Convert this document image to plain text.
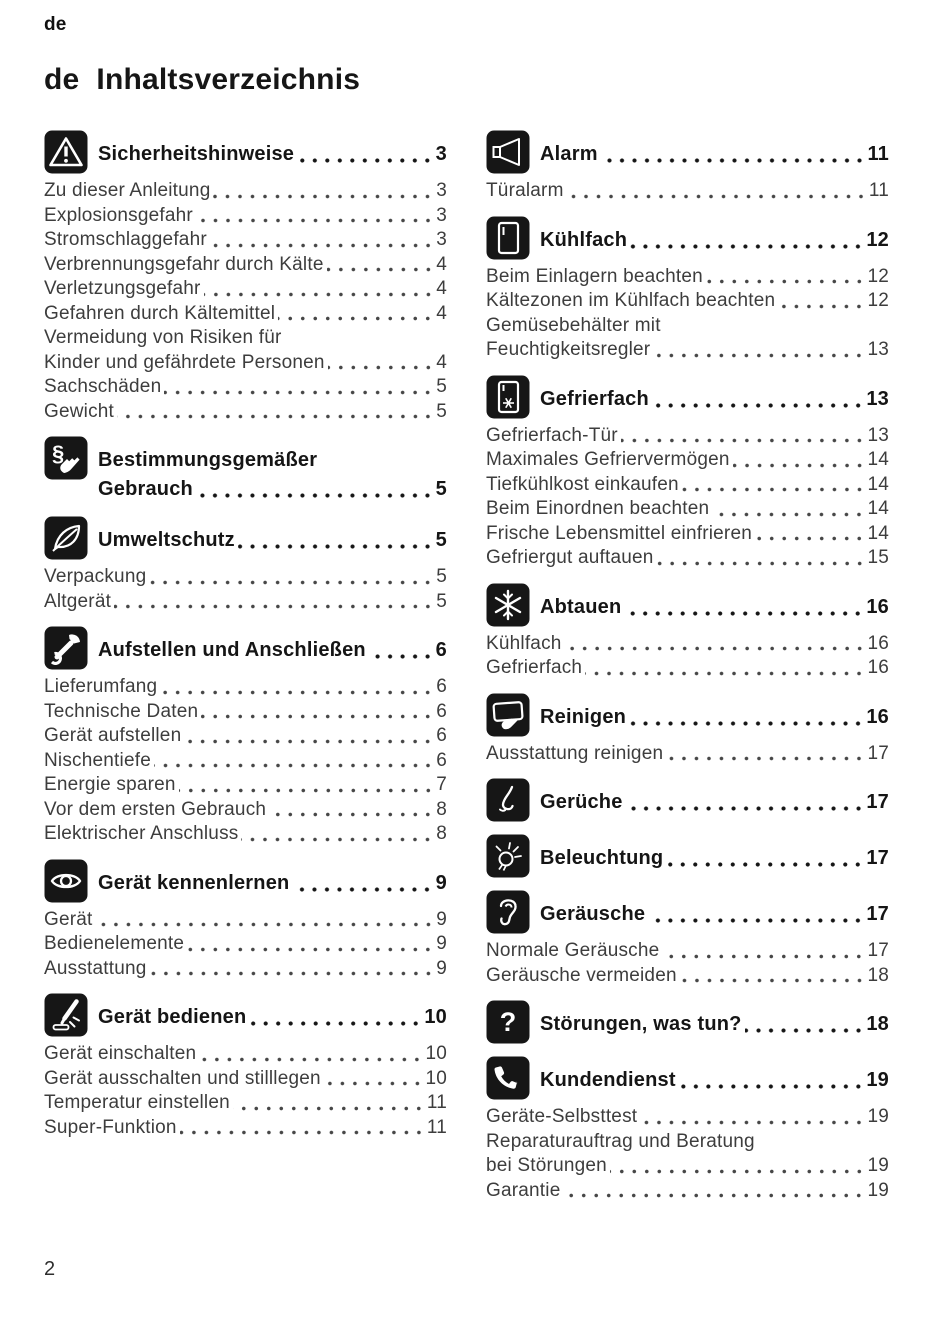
de
de Inhaltsverzeichnis
Sicherheitshinweise	3
Zu dieser Anleitung	3
Explosionsgefahr	3
Stromschlaggefahr	3
Verbrennungsgefahr durch Kälte	4
Verletzungsgefahr	4
Gefahren durch Kältemittel	4
Vermeidung von Risiken für
Kinder und gefährdete Personen	4
Sachschäden	5
Gewicht	5
§ Bestimmungsgemäßer
Gebrauch	5
Umweltschutz	5
Verpackung	5
Altgerät	5
Aufstellen und Anschließen	6
Lieferumfang	6
Technische Daten	6
Gerät aufstellen	6
Nischentiefe	6
Energie sparen	7
Vor dem ersten Gebrauch	8
Elektrischer Anschluss	8
Gerät kennenlernen	9
Gerät	9
Bedienelemente	9
Ausstattung	9
Gerät bedienen	10
Gerät einschalten	10
Gerät ausschalten und stilllegen	10
Temperatur einstellen	11
Super-Funktion	11
Alarm	11
Türalarm	11
Kühlfach	12
Beim Einlagern beachten	12
Kältezonen im Kühlfach beachten	12
Gemüsebehälter mit
Feuchtigkeitsregler	13
Gefrierfach	13
Gefrierfach-Tür	13
Maximales Gefriervermögen	14
Tiefkühlkost einkaufen	14
Beim Einordnen beachten	14
Frische Lebensmittel einfrieren	14
Gefriergut auftauen	15
Abtauen	16
Kühlfach	16
Gefrierfach	16
Reinigen	16
Ausstattung reinigen	17
Gerüche	17
Beleuchtung	17
Geräusche	17
Normale Geräusche	17
Geräusche vermeiden	18
? Störungen, was tun?	18
Kundendienst	19
Geräte-Selbsttest	19
Reparaturauftrag und Beratung
bei Störungen	19
Garantie	19
2
